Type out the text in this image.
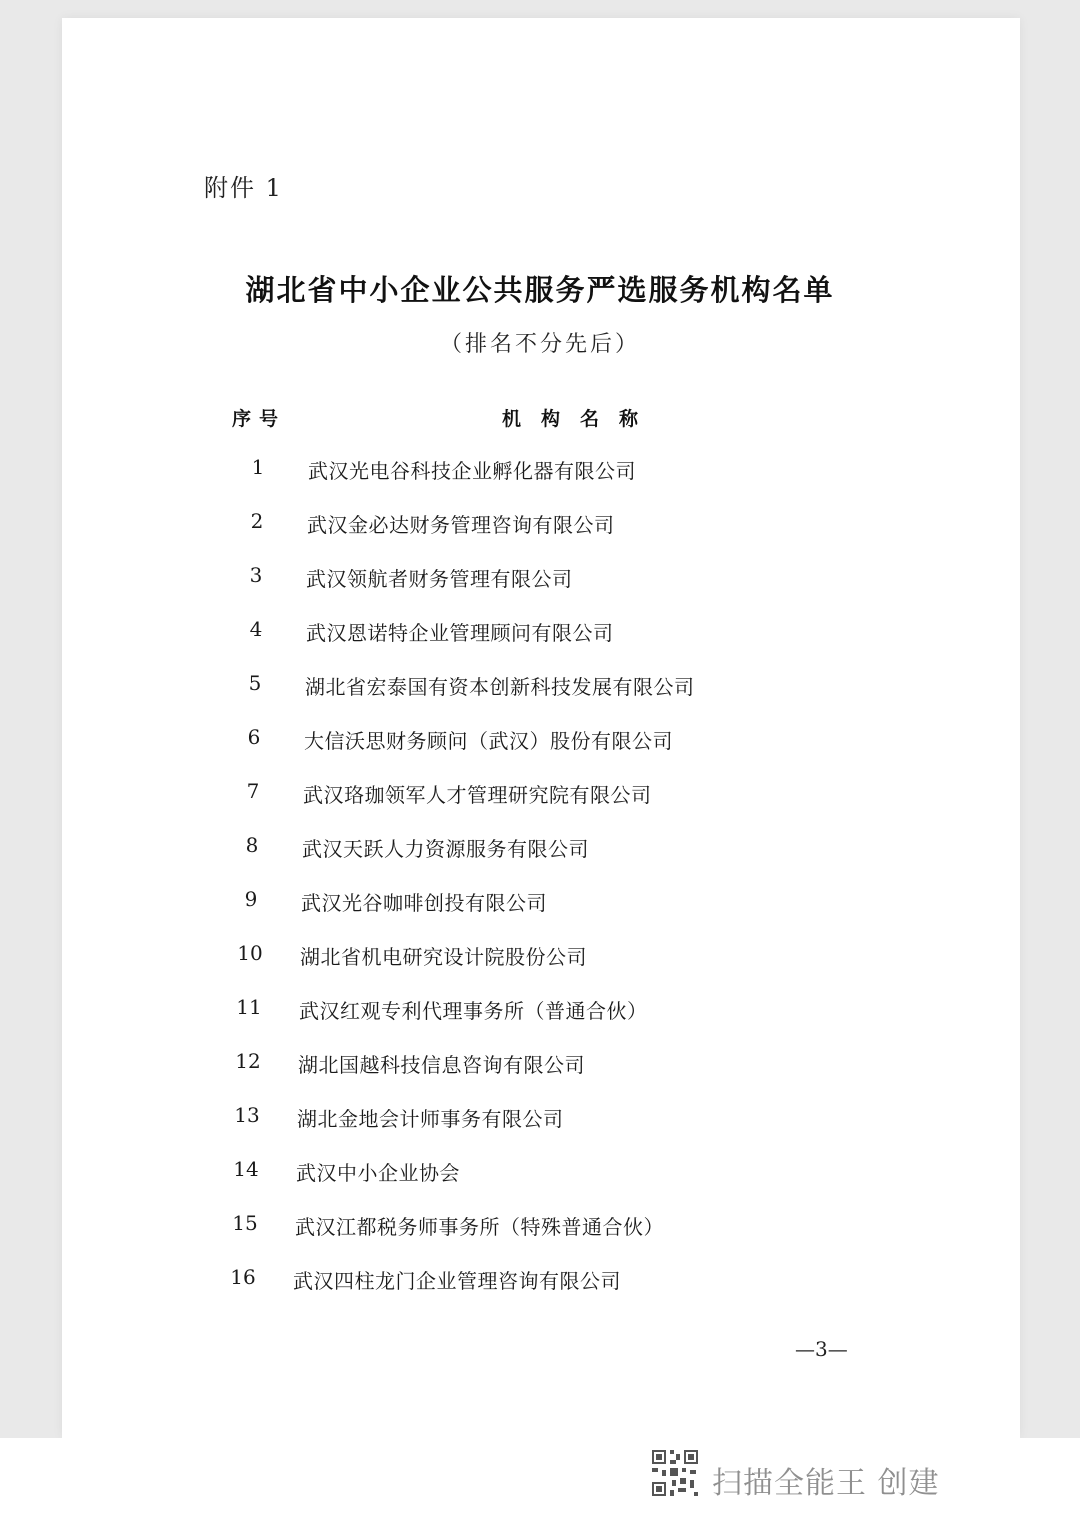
附件 1
湖北省中小企业公共服务严选服务机构名单
（排名不分先后）
序号	机构名称
1	武汉光电谷科技企业孵化器有限公司
2	武汉金必达财务管理咨询有限公司
3	武汉领航者财务管理有限公司
4	武汉恩诺特企业管理顾问有限公司
5	湖北省宏泰国有资本创新科技发展有限公司
6	大信沃思财务顾问（武汉）股份有限公司
7	武汉珞珈领军人才管理研究院有限公司
8	武汉天跃人力资源服务有限公司
9	武汉光谷咖啡创投有限公司
10	湖北省机电研究设计院股份公司
11	武汉红观专利代理事务所（普通合伙）
12	湖北国越科技信息咨询有限公司
13	湖北金地会计师事务有限公司
14	武汉中小企业协会
15	武汉江都税务师事务所（特殊普通合伙）
16	武汉四柱龙门企业管理咨询有限公司
—3—
扫描全能王 创建
